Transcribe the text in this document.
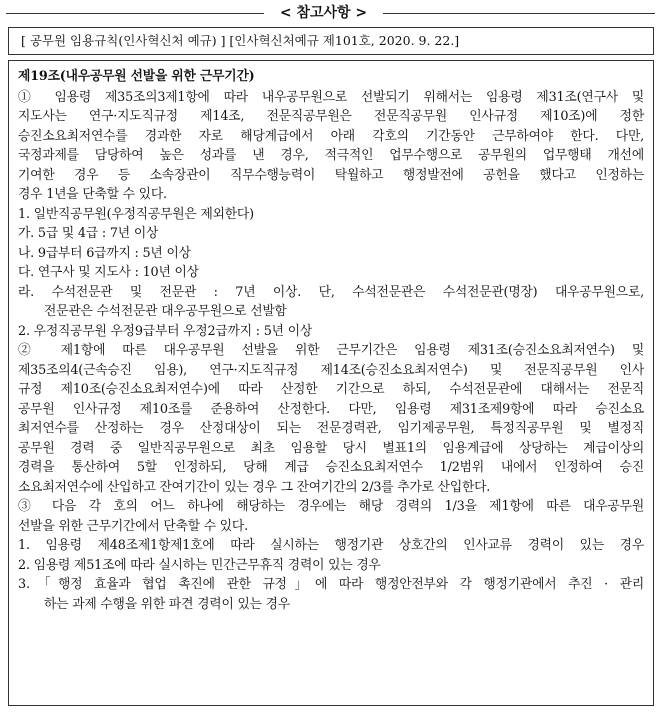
< 참고사항 >
[ 공무원 임용규칙(인사혁신처 예규) ] [인사혁신처예규 제101호, 2020. 9. 22.]
제19조(내우공무원 선발을 위한 근무기간)
① 임용령 제35조의3제1항에 따라 내우공무원으로 선발되기 위해서는 임용령 제31조(연구사 및
지도사는 연구·지도직규정 제14조, 전문직공무원은 전문직공무원 인사규정 제10조)에 정한
승진소요최저연수를 경과한 자로 해당계급에서 아래 각호의 기간동안 근무하여야 한다. 다만,
국정과제를 담당하여 높은 성과를 낸 경우, 적극적인 업무수행으로 공무원의 업무행태 개선에
기여한 경우 등 소속장관이 직무수행능력이 탁월하고 행정발전에 공헌을 했다고 인정하는
경우 1년을 단축할 수 있다.
1. 일반직공무원(우정직공무원은 제외한다)
가. 5급 및 4급 : 7년 이상
나. 9급부터 6급까지 : 5년 이상
다. 연구사 및 지도사 : 10년 이상
라. 수석전문관 및 전문관 : 7년 이상. 단, 수석전문관은 수석전문관(명장) 대우공무원으로,
전문관은 수석전문관 대우공무원으로 선발함
2. 우정직공무원 우정9급부터 우정2급까지 : 5년 이상
② 제1항에 따른 대우공무원 선발을 위한 근무기간은 임용령 제31조(승진소요최저연수) 및
제35조의4(근속승진 임용), 연구·지도직규정 제14조(승진소요최저연수) 및 전문직공무원 인사
규정 제10조(승진소요최저연수)에 따라 산정한 기간으로 하되, 수석전문관에 대해서는 전문직
공무원 인사규정 제10조를 준용하여 산정한다. 다만, 임용령 제31조제9항에 따라 승진소요
최저연수를 산정하는 경우 산정대상이 되는 전문경력관, 임기제공무원, 특정직공무원 및 별정직
공무원 경력 중 일반직공무원으로 최초 임용할 당시 별표1의 임용계급에 상당하는 계급이상의
경력을 통산하여 5할 인정하되, 당해 계급 승진소요최저연수 1/2범위 내에서 인정하여 승진
소요최저연수에 산입하고 잔여기간이 있는 경우 그 잔여기간의 2/3를 추가로 산입한다.
③ 다음 각 호의 어느 하나에 해당하는 경우에는 해당 경력의 1/3을 제1항에 따른 대우공무원
선발을 위한 근무기간에서 단축할 수 있다.
1. 임용령 제48조제1항제1호에 따라 실시하는 행정기관 상호간의 인사교류 경력이 있는 경우
2. 임용령 제51조에 따라 실시하는 민간근무휴직 경력이 있는 경우
3.「행정 효율과 협업 촉진에 관한 규정」에 따라 행정안전부와 각 행정기관에서 추진 · 관리
하는 과제 수행을 위한 파견 경력이 있는 경우
